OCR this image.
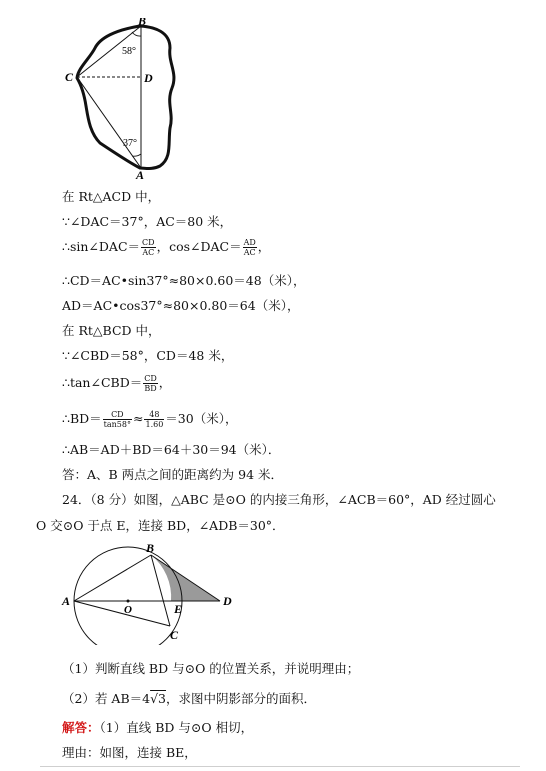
B
C	D
A
58°
37°
在 Rt△ACD 中，
∵∠DAC＝37°，AC＝80 米，
∴sin∠DAC＝ $\frac{CD}{AC}$ ，cos∠DAC＝ $\frac{AD}{AC}$ ，
∴CD＝AC•sin37°≈80×0.60＝48（米），
AD＝AC•cos37°≈80×0.80＝64（米），
在 Rt△BCD 中，
∵∠CBD＝58°，CD＝48 米，
∴tan∠CBD＝ $\frac{CD}{BD}$ ，
∴BD＝ $\frac{CD}{\tan 58^\circ} \approx \frac{48}{1.60} =30$（米），
∴AB＝AD＋BD＝64＋30＝94（米）．
答：A、B 两点之间的距离约为 94 米．
24．（8 分）如图，△ABC 是⊙O 的内接三角形，∠ACB＝60°，AD 经过圆心
O 交⊙O 于点 E，连接 BD，∠ADB＝30°．
A
B
O	E
D
C
（1）判断直线 BD 与⊙O 的位置关系，并说明理由；
（2）若 AB＝4√3，求图中阴影部分的面积．
解答：（1）直线 BD 与⊙O 相切，
理由：如图，连接 BE，
